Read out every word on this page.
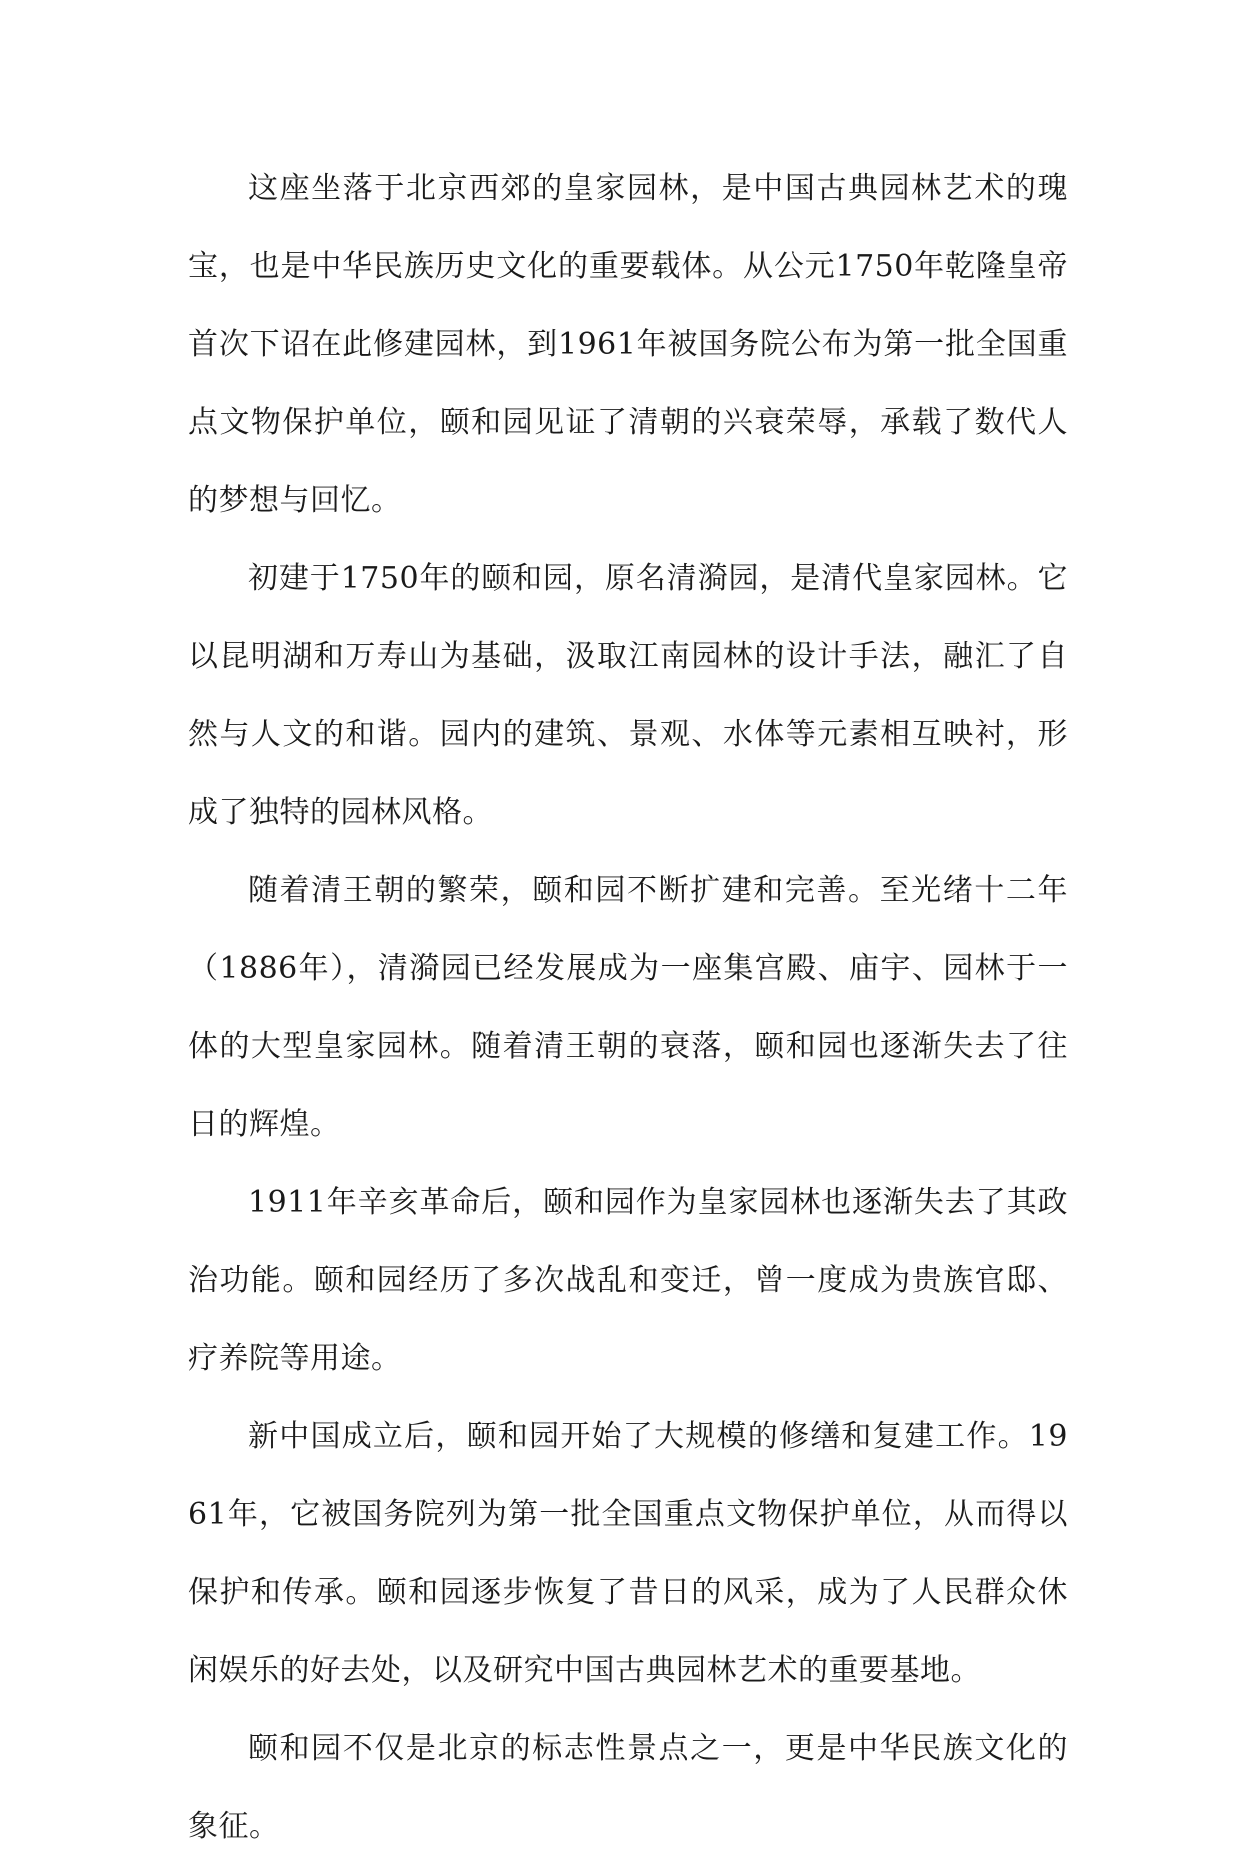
这座坐落于北京西郊的皇家园林，是中国古典园林艺术的瑰宝，也是中华民族历史文化的重要载体。从公元1750年乾隆皇帝首次下诏在此修建园林，到1961年被国务院公布为第一批全国重点文物保护单位，颐和园见证了清朝的兴衰荣辱，承载了数代人的梦想与回忆。

初建于1750年的颐和园，原名清漪园，是清代皇家园林。它以昆明湖和万寿山为基础，汲取江南园林的设计手法，融汇了自然与人文的和谐。园内的建筑、景观、水体等元素相互映衬，形成了独特的园林风格。

随着清王朝的繁荣，颐和园不断扩建和完善。至光绪十二年（1886年），清漪园已经发展成为一座集宫殿、庙宇、园林于一体的大型皇家园林。随着清王朝的衰落，颐和园也逐渐失去了往日的辉煌。

1911年辛亥革命后，颐和园作为皇家园林也逐渐失去了其政治功能。颐和园经历了多次战乱和变迁，曾一度成为贵族官邸、疗养院等用途。

新中国成立后，颐和园开始了大规模的修缮和复建工作。1961年，它被国务院列为第一批全国重点文物保护单位，从而得以保护和传承。颐和园逐步恢复了昔日的风采，成为了人民群众休闲娱乐的好去处，以及研究中国古典园林艺术的重要基地。

颐和园不仅是北京的标志性景点之一，更是中华民族文化的象征。
